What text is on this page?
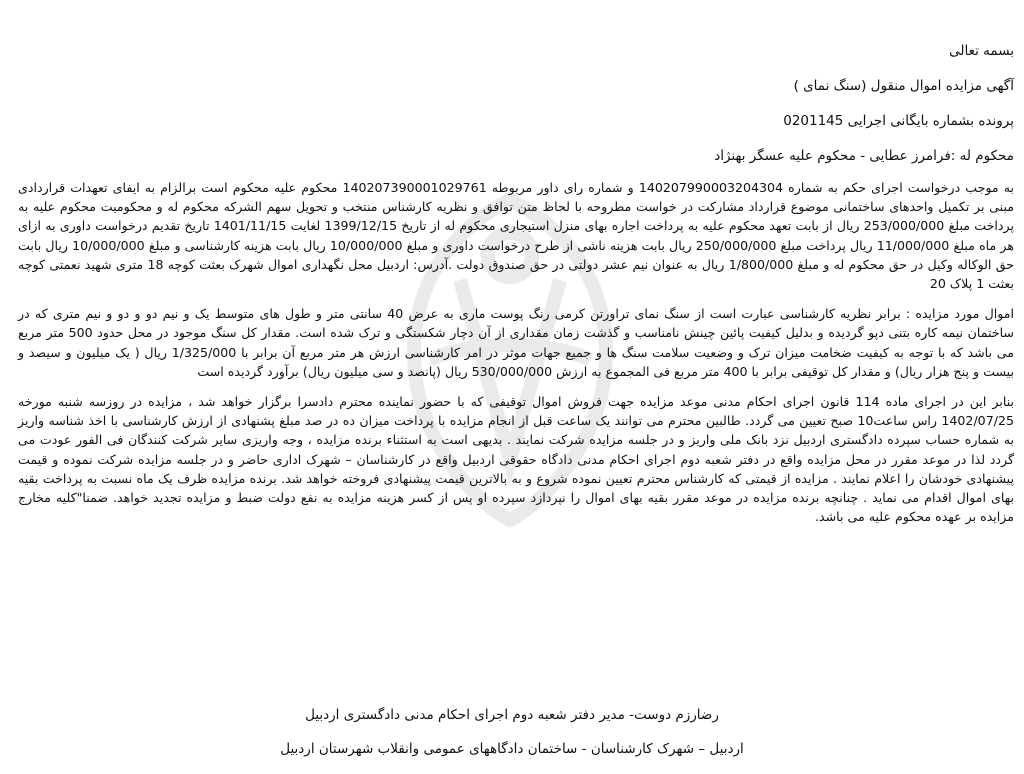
بسمه تعالی

آگهی مزایده اموال منقول (سنگ نمای )

پرونده بشماره بایگانی اجرایی 0201145

محکوم له :فرامرز عطایی - محکوم علیه عسگر بهنژاد

به موجب درخواست اجرای حکم به شماره 140207990003204304 و شماره رای داور مربوطه 140207390001029761 محکوم علیه محکوم است برالزام به ایفای تعهدات قراردادی مبنی بر تکمیل واحدهای ساختمانی موضوع قرارداد مشارکت در خواست مطروحه با لحاظ متن توافق و نظریه کارشناس منتخب و تحویل سهم الشرکه محکوم له و محکومیت محکوم علیه به پرداخت مبلغ 253/000/000 ریال از بابت تعهد محکوم علیه به پرداخت اجاره بهای منزل استیجاری محکوم له از تاریخ 1399/12/15 لغایت 1401/11/15 تاریخ تقدیم درخواست داوری به ازای هر ماه مبلغ 11/000/000 ریال پرداخت مبلغ 250/000/000 ریال بابت هزینه ناشی از طرح درخواست داوری و مبلغ 10/000/000 ریال بابت هزینه کارشناسی و مبلغ 10/000/000 ریال بابت حق الوکاله وکیل در حق محکوم له و مبلغ 1/800/000 ریال به عنوان نیم عشر دولتی در حق صندوق دولت .آدرس: اردبیل محل نگهداری اموال شهرک بعثت کوچه 18 متری شهید نعمتی کوچه بعثت 1 پلاک 20

اموال مورد مزایده : برابر نظریه کارشناسی عبارت است از سنگ نمای تراورتن کرمی رنگ پوست ماری به عرض 40 سانتی متر و طول های متوسط یک و نیم دو و دو و نیم متری که در ساختمان نیمه کاره بتنی دپو گردیده و بدلیل کیفیت پائین چینش نامناسب و گذشت زمان مقداری از آن دچار شکستگی و ترک شده است. مقدار کل سنگ موجود در محل حدود 500 متر مربع می باشد که با توجه به کیفیت ضخامت میزان ترک و وضعیت سلامت سنگ ها و جمیع جهات موثر در امر کارشناسی ارزش هر متر مربع آن برابر با 1/325/000 ریال ( یک میلیون و سیصد و بیست و پنج هزار ریال) و مقدار کل توقیفی برابر با 400 متر مربع فی المجموع به ارزش 530/000/000 ریال (پانصد و سی میلیون ریال) برآورد گردیده است

بنابر این در اجرای ماده 114 قانون اجرای احکام مدنی موعد مزایده جهت فروش اموال توقیفی که با حضور نماینده محترم دادسرا برگزار خواهد شد ، مزایده در روزسه شنبه مورخه 1402/07/25 راس ساعت10 صبح تعیین می گردد. طالبین محترم می توانند یک ساعت قبل از انجام مزایده با پرداخت میزان ده در صد مبلغ پشنهادی از ارزش کارشناسی با اخذ شناسه واریز به شماره حساب سپرده دادگستری اردبیل نزد بانک ملی واریز و در جلسه مزایده شرکت نمایند . بدیهی است به استثناء برنده مزایده ، وجه واریزی سایر شرکت کنندگان فی الفور عودت می گردد لذا در موعد مقرر در محل مزایده واقع در دفتر شعبه دوم اجرای احکام مدنی دادگاه حقوقی اردبیل واقع در کارشناسان – شهرک اداری حاضر و در جلسه مزایده شرکت نموده و قیمت پیشنهادی خودشان را اعلام نمایند . مزایده از قیمتی که کارشناس محترم تعیین نموده شروع و به بالاترین قیمت پیشنهادی فروخته خواهد شد. برنده مزایده ظرف یک ماه نسبت به پرداخت بقیه بهای اموال اقدام می نماید . چنانچه برنده مزایده در موعد مقرر بقیه بهای اموال را نپردازد سپرده او پس از کسر هزینه مزایده به نفع دولت ضبط و مزایده تجدید خواهد. ضمنا"کلیه مخارج مزایده بر عهده محکوم علیه می باشد.

رضارزم دوست- مدیر دفتر شعبه دوم اجرای احکام مدنی دادگستری اردبیل

اردبیل – شهرک کارشناسان - ساختمان دادگاههای عمومی وانقلاب شهرستان اردبیل
